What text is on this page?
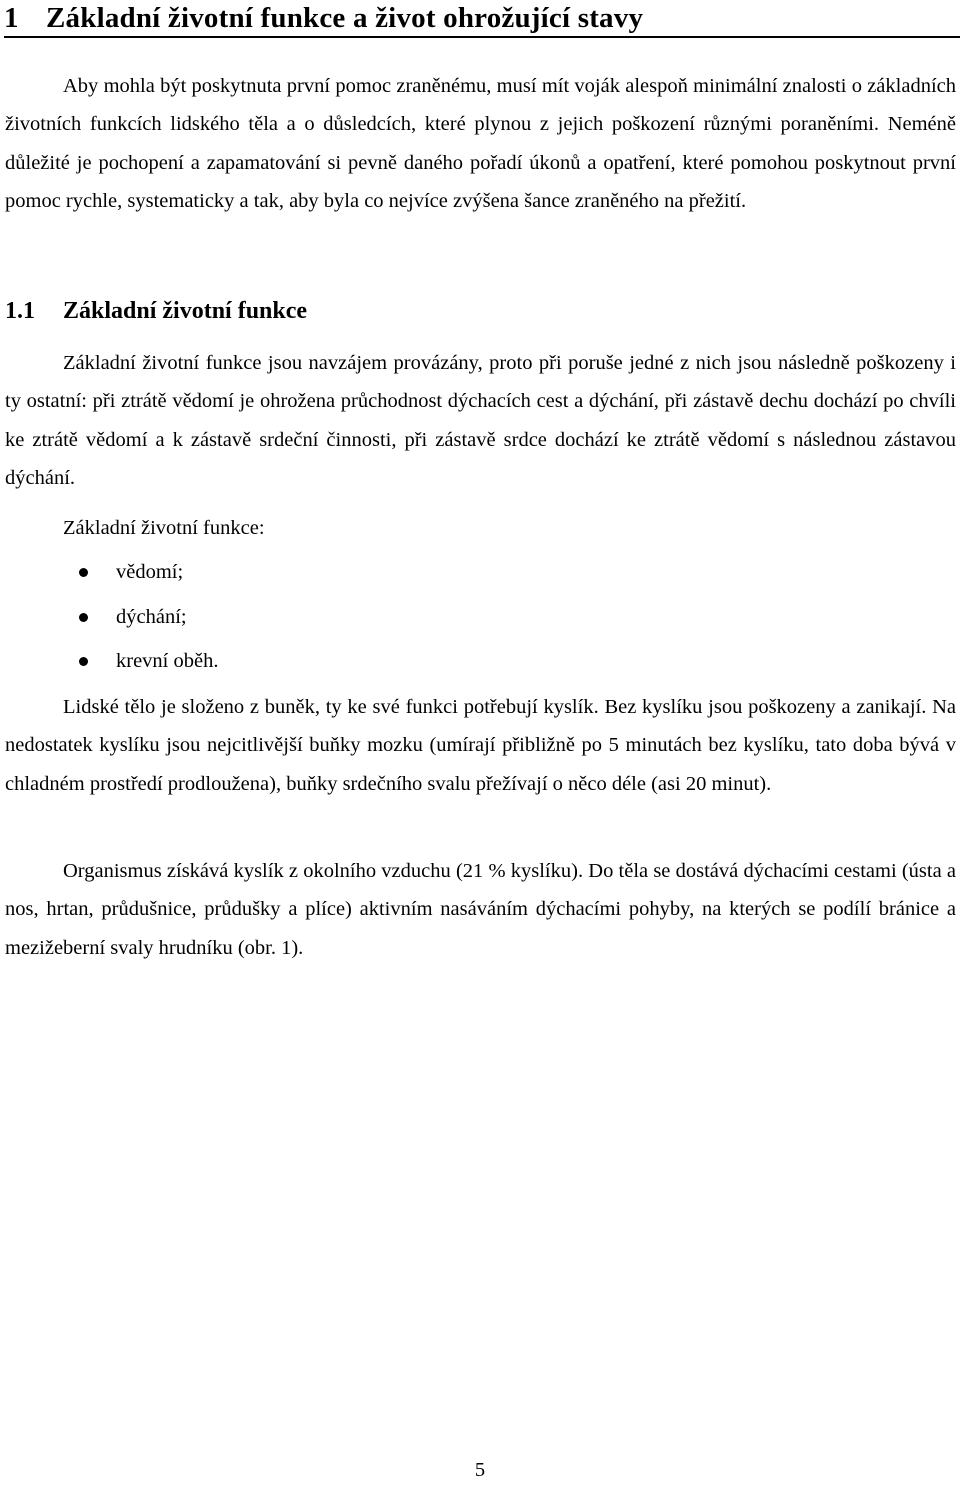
1 Základní životní funkce a život ohrožující stavy

Aby mohla být poskytnuta první pomoc zraněnému, musí mít voják alespoň minimální znalosti o základních životních funkcích lidského těla a o důsledcích, které plynou z jejich poškození různými poraněními. Neméně důležité je pochopení a zapamatování si pevně daného pořadí úkonů a opatření, které pomohou poskytnout první pomoc rychle, systematicky a tak, aby byla co nejvíce zvýšena šance zraněného na přežití.

1.1 Základní životní funkce

Základní životní funkce jsou navzájem provázány, proto při poruše jedné z nich jsou následně poškozeny i ty ostatní: při ztrátě vědomí je ohrožena průchodnost dýchacích cest a dýchání, při zástavě dechu dochází po chvíli ke ztrátě vědomí a k zástavě srdeční činnosti, při zástavě srdce dochází ke ztrátě vědomí s následnou zástavou dýchání.

Základní životní funkce:

vědomí;
dýchání;
krevní oběh.

Lidské tělo je složeno z buněk, ty ke své funkci potřebují kyslík. Bez kyslíku jsou poškozeny a zanikají. Na nedostatek kyslíku jsou nejcitlivější buňky mozku (umírají přibližně po 5 minutách bez kyslíku, tato doba bývá v chladném prostředí prodloužena), buňky srdečního svalu přežívají o něco déle (asi 20 minut).

Organismus získává kyslík z okolního vzduchu (21 % kyslíku). Do těla se dostává dýchacími cestami (ústa a nos, hrtan, průdušnice, průdušky a plíce) aktivním nasáváním dýchacími pohyby, na kterých se podílí bránice a mezižeberní svaly hrudníku (obr. 1).

5
